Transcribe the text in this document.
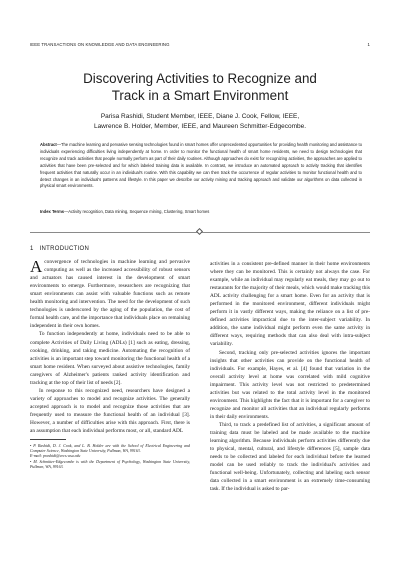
IEEE TRANSACTIONS ON KNOWLEDGE AND DATA ENGINEERING	1
Discovering Activities to Recognize and
Track in a Smart Environment
Parisa Rashidi, Student Member, IEEE, Diane J. Cook, Fellow, IEEE,
Lawrence B. Holder, Member, IEEE, and Maureen Schmitter-Edgecombe.
Abstract—The machine learning and pervasive sensing technologies found in smart homes offer unprecedented opportunities for providing health monitoring and assistance to individuals experiencing difficulties living independently at home. In order to monitor the functional health of smart home residents, we need to design technologies that recognize and track activities that people normally perform as part of their daily routines. Although approaches do exist for recognizing activities, the approaches are applied to activities that have been pre-selected and for which labeled training data is available. In contrast, we introduce an automated approach to activity tracking that identifies frequent activities that naturally occur in an individual's routine. With this capability we can then track the occurrence of regular activities to monitor functional health and to detect changes in an individual's patterns and lifestyle. In this paper we describe our activity mining and tracking approach and validate our algorithms on data collected in physical smart environments.
Index Terms—Activity recognition, Data mining, Sequence mining, Clustering, Smart homes
1 INTRODUCTION

Aconvergence of technologies in machine learning and pervasive computing as well as the increased accessibility of robust sensors and actuators has caused interest in the development of smart environments to emerge. Furthermore, researchers are recognizing that smart environments can assist with valuable functions such as remote health monitoring and intervention. The need for the development of such technologies is underscored by the aging of the population, the cost of formal health care, and the importance that individuals place on remaining independent in their own homes.

To function independently at home, individuals need to be able to complete Activities of Daily Living (ADLs) [1] such as eating, dressing, cooking, drinking, and taking medicine. Automating the recognition of activities is an important step toward monitoring the functional health of a smart home resident. When surveyed about assistive technologies, family caregivers of Alzheimer's patients ranked activity identification and tracking at the top of their list of needs [2].

In response to this recognized need, researchers have designed a variety of approaches to model and recognize activities. The generally accepted approach is to model and recognize those activities that are frequently used to measure the functional health of an individual [3]. However, a number of difficulties arise with this approach. First, there is an assumption that each individual performs most, or all, standard ADL

• P. Rashidi, D. J. Cook, and L. B. Holder are with the School of Electrical Engineering and Computer Science, Washington State University, Pullman, WA, 99163.
E-mail: prashidi@eecs.wsu.edu

• M. Schmitter-Edgecombe is with the Department of Psychology, Washington State University, Pullman, WA, 99163.

activities in a consistent pre-defined manner in their home environments where they can be monitored. This is certainly not always the case. For example, while an individual may regularly eat meals, they may go out to restaurants for the majority of their meals, which would make tracking this ADL activity challenging for a smart home. Even for an activity that is performed in the monitored environment, different individuals might perform it in vastly different ways, making the reliance on a list of pre-defined activities impractical due to the inter-subject variability. In addition, the same individual might perform even the same activity in different ways, requiring methods that can also deal with intra-subject variability.

Second, tracking only pre-selected activities ignores the important insights that other activities can provide on the functional health of individuals. For example, Hayes, et al. [4] found that variation in the overall activity level at home was correlated with mild cognitive impairment. This activity level was not restricted to predetermined activities but was related to the total activity level in the monitored environment. This highlights the fact that it is important for a caregiver to recognize and monitor all activities that an individual regularly performs in their daily environments.

Third, to track a predefined list of activities, a significant amount of training data must be labeled and be made available to the machine learning algorithm. Because individuals perform activities differently due to physical, mental, cultural, and lifestyle differences [5], sample data needs to be collected and labeled for each individual before the learned model can be used reliably to track the individual's activities and functional well-being. Unfortunately, collecting and labeling such sensor data collected in a smart environment is an extremely time-consuming task. If the individual is asked to par-
